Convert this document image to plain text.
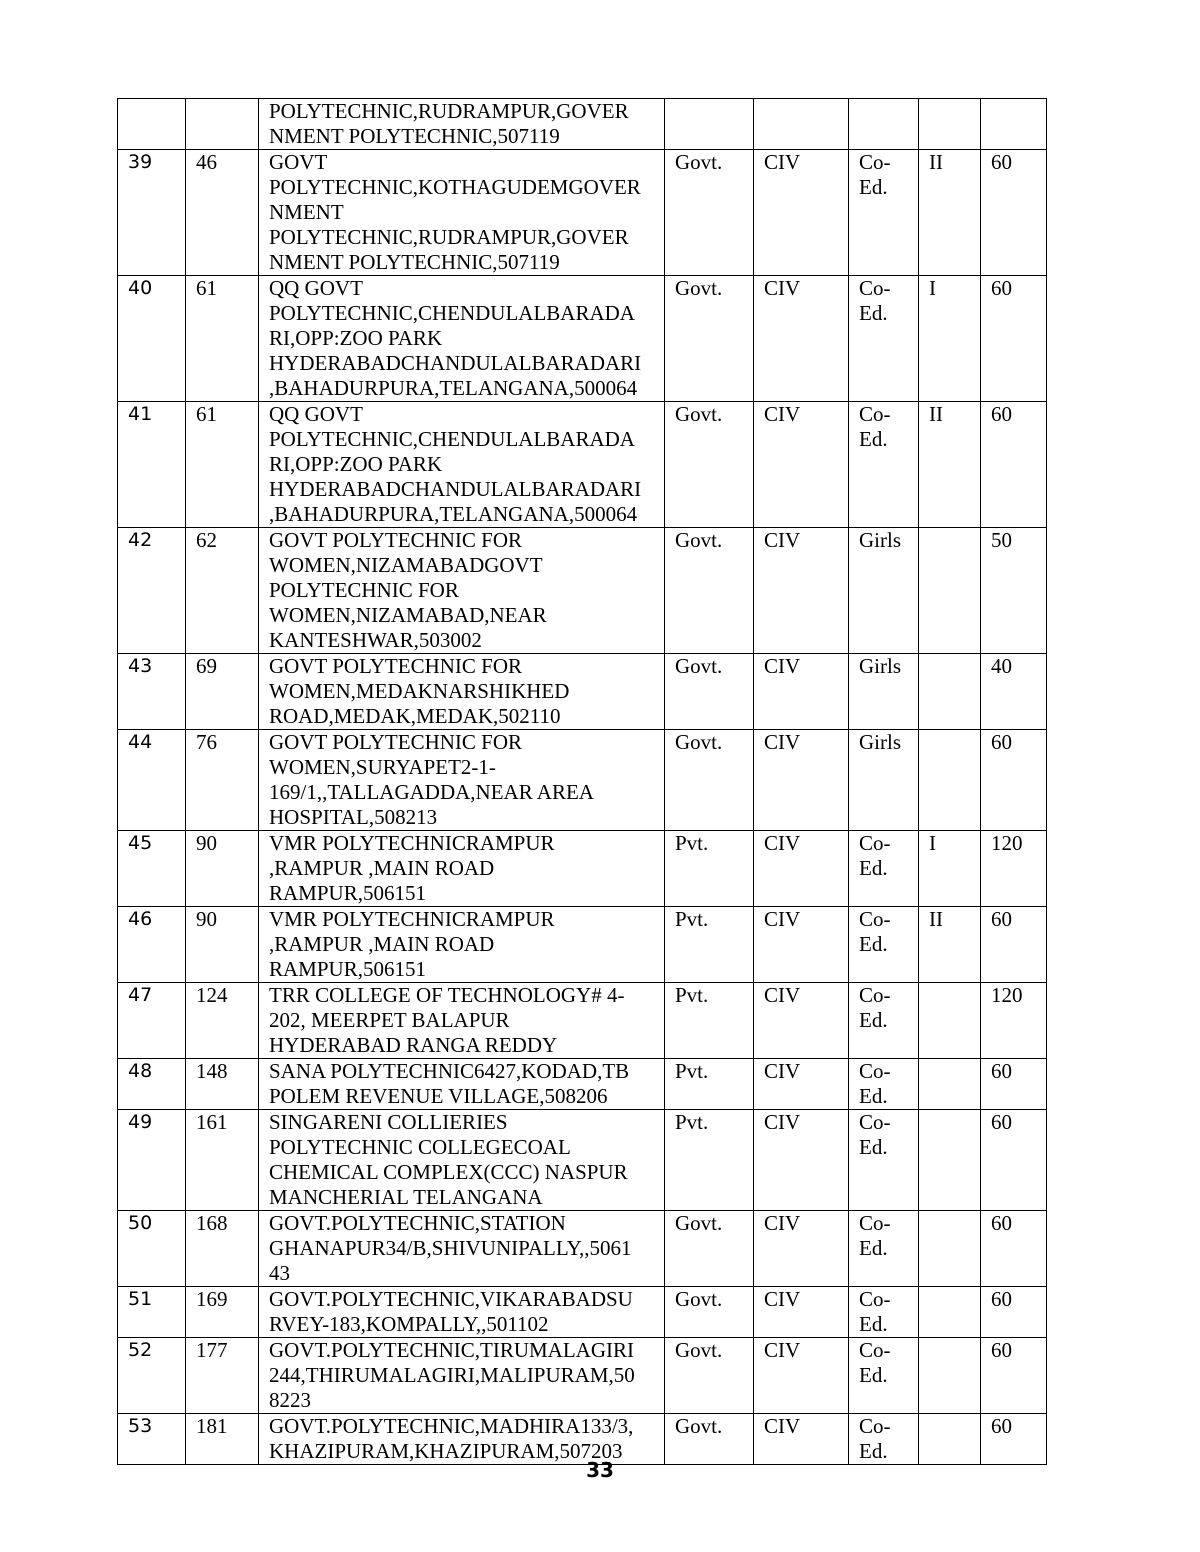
		POLYTECHNIC,RUDRAMPUR,GOVER
NMENT POLYTECHNIC,507119					
39	46	GOVT
POLYTECHNIC,KOTHAGUDEMGOVER
NMENT
POLYTECHNIC,RUDRAMPUR,GOVER
NMENT POLYTECHNIC,507119	Govt.	CIV	Co-
Ed.	II	60
40	61	QQ GOVT
POLYTECHNIC,CHENDULALBARADA
RI,OPP:ZOO PARK
HYDERABADCHANDULALBARADARI
,BAHADURPURA,TELANGANA,500064	Govt.	CIV	Co-
Ed.	I	60
41	61	QQ GOVT
POLYTECHNIC,CHENDULALBARADA
RI,OPP:ZOO PARK
HYDERABADCHANDULALBARADARI
,BAHADURPURA,TELANGANA,500064	Govt.	CIV	Co-
Ed.	II	60
42	62	GOVT POLYTECHNIC FOR
WOMEN,NIZAMABADGOVT
POLYTECHNIC FOR
WOMEN,NIZAMABAD,NEAR
KANTESHWAR,503002	Govt.	CIV	Girls		50
43	69	GOVT POLYTECHNIC FOR
WOMEN,MEDAKNARSHIKHED
ROAD,MEDAK,MEDAK,502110	Govt.	CIV	Girls		40
44	76	GOVT POLYTECHNIC FOR
WOMEN,SURYAPET2-1-
169/1,,TALLAGADDA,NEAR AREA
HOSPITAL,508213	Govt.	CIV	Girls		60
45	90	VMR POLYTECHNICRAMPUR
,RAMPUR ,MAIN ROAD
RAMPUR,506151	Pvt.	CIV	Co-
Ed.	I	120
46	90	VMR POLYTECHNICRAMPUR
,RAMPUR ,MAIN ROAD
RAMPUR,506151	Pvt.	CIV	Co-
Ed.	II	60
47	124	TRR COLLEGE OF TECHNOLOGY# 4-
202, MEERPET BALAPUR
HYDERABAD RANGA REDDY	Pvt.	CIV	Co-
Ed.		120
48	148	SANA POLYTECHNIC6427,KODAD,TB
POLEM REVENUE VILLAGE,508206	Pvt.	CIV	Co-
Ed.		60
49	161	SINGARENI COLLIERIES
POLYTECHNIC COLLEGECOAL
CHEMICAL COMPLEX(CCC) NASPUR
MANCHERIAL TELANGANA	Pvt.	CIV	Co-
Ed.		60
50	168	GOVT.POLYTECHNIC,STATION
GHANAPUR34/B,SHIVUNIPALLY,,5061
43	Govt.	CIV	Co-
Ed.		60
51	169	GOVT.POLYTECHNIC,VIKARABADSU
RVEY-183,KOMPALLY,,501102	Govt.	CIV	Co-
Ed.		60
52	177	GOVT.POLYTECHNIC,TIRUMALAGIRI
244,THIRUMALAGIRI,MALIPURAM,50
8223	Govt.	CIV	Co-
Ed.		60
53	181	GOVT.POLYTECHNIC,MADHIRA133/3,
KHAZIPURAM,KHAZIPURAM,507203	Govt.	CIV	Co-
Ed.		60
33
